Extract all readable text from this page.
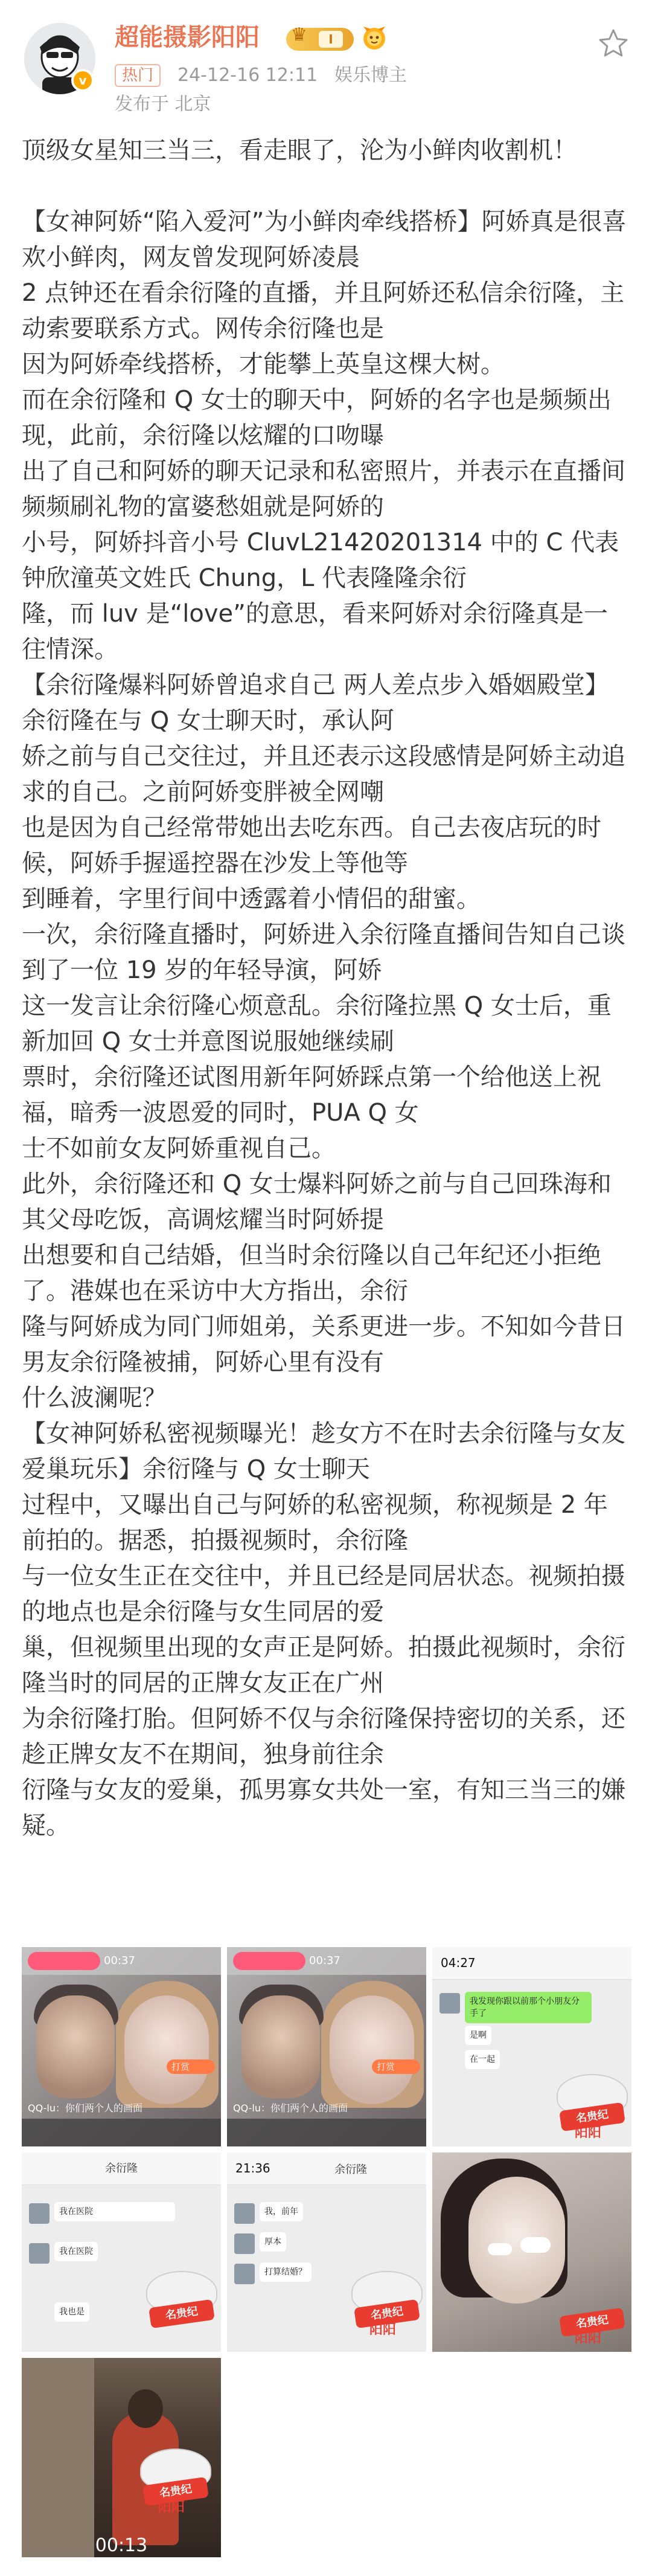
v
超能摄影阳阳 ♛	I
热门	24-12-16 12:11 娱乐博主
发布于 北京

顶级女星知三当三，看走眼了，沦为小鲜肉收割机！

【女神阿娇“陷入爱河”为小鲜肉牵线搭桥】阿娇真是很喜欢小鲜肉，网友曾发现阿娇凌晨

2 点钟还在看余衍隆的直播，并且阿娇还私信余衍隆，主动索要联系方式。网传余衍隆也是

因为阿娇牵线搭桥，才能攀上英皇这棵大树。

而在余衍隆和 Q 女士的聊天中，阿娇的名字也是频频出现，此前，余衍隆以炫耀的口吻曝

出了自己和阿娇的聊天记录和私密照片，并表示在直播间频频刷礼物的富婆愁姐就是阿娇的

小号，阿娇抖音小号 CluvL21420201314 中的 C 代表钟欣潼英文姓氏 Chung，L 代表隆隆余衍

隆，而 luv 是“love”的意思，看来阿娇对余衍隆真是一往情深。

【余衍隆爆料阿娇曾追求自己 两人差点步入婚姻殿堂】余衍隆在与 Q 女士聊天时，承认阿

娇之前与自己交往过，并且还表示这段感情是阿娇主动追求的自己。之前阿娇变胖被全网嘲

也是因为自己经常带她出去吃东西。自己去夜店玩的时候，阿娇手握遥控器在沙发上等他等

到睡着，字里行间中透露着小情侣的甜蜜。

一次，余衍隆直播时，阿娇进入余衍隆直播间告知自己谈到了一位 19 岁的年轻导演，阿娇

这一发言让余衍隆心烦意乱。余衍隆拉黑 Q 女士后，重新加回 Q 女士并意图说服她继续刷

票时，余衍隆还试图用新年阿娇踩点第一个给他送上祝福，暗秀一波恩爱的同时，PUA Q 女

士不如前女友阿娇重视自己。

此外，余衍隆还和 Q 女士爆料阿娇之前与自己回珠海和其父母吃饭，高调炫耀当时阿娇提

出想要和自己结婚，但当时余衍隆以自己年纪还小拒绝了。港媒也在采访中大方指出，余衍

隆与阿娇成为同门师姐弟，关系更进一步。不知如今昔日男友余衍隆被捕，阿娇心里有没有

什么波澜呢？

【女神阿娇私密视频曝光！趁女方不在时去余衍隆与女友爱巢玩乐】余衍隆与 Q 女士聊天

过程中，又曝出自己与阿娇的私密视频，称视频是 2 年前拍的。据悉，拍摄视频时，余衍隆

与一位女生正在交往中，并且已经是同居状态。视频拍摄的地点也是余衍隆与女生同居的爱

巢，但视频里出现的女声正是阿娇。拍摄此视频时，余衍隆当时的同居的正牌女友正在广州

为余衍隆打胎。但阿娇不仅与余衍隆保持密切的关系，还趁正牌女友不在期间，独身前往余

衍隆与女友的爱巢，孤男寡女共处一室，有知三当三的嫌疑。

00:37
打赏
QQ-lu：你们两个人的画面
00:37
打赏
QQ-lu：你们两个人的画面
04:27
我发现你跟以前那个小朋友分手了
是啊
在一起
名贵纪
阳阳
余衍隆
我在医院
我在医院
我也是	名贵纪
21:36	余衍隆
我，前年
厚本
打算结婚？
名贵纪
阳阳	名贵纪
阳阳
名贵纪
阳阳
00:13
